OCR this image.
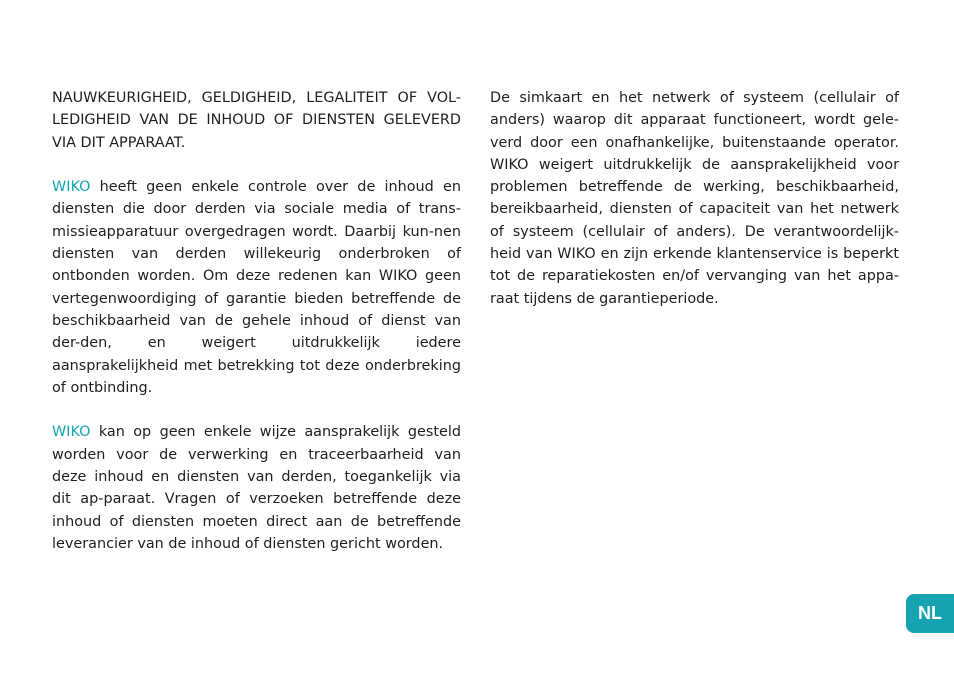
NAUWKEURIGHEID, GELDIGHEID, LEGALITEIT OF VOL-LEDIGHEID VAN DE INHOUD OF DIENSTEN GELEVERD VIA DIT APPARAAT.

WIKO heeft geen enkele controle over de inhoud en diensten die door derden via sociale media of trans-missieapparatuur overgedragen wordt. Daarbij kun-nen diensten van derden willekeurig onderbroken of ontbonden worden. Om deze redenen kan WIKO geen vertegenwoordiging of garantie bieden betreffende de beschikbaarheid van de gehele inhoud of dienst van der-den, en weigert uitdrukkelijk iedere aansprakelijkheid met betrekking tot deze onderbreking of ontbinding.

WIKO kan op geen enkele wijze aansprakelijk gesteld worden voor de verwerking en traceerbaarheid van deze inhoud en diensten van derden, toegankelijk via dit ap-paraat. Vragen of verzoeken betreffende deze inhoud of diensten moeten direct aan de betreffende leverancier van de inhoud of diensten gericht worden.

De simkaart en het netwerk of systeem (cellulair of anders) waarop dit apparaat functioneert, wordt gele-verd door een onafhankelijke, buitenstaande operator. WIKO weigert uitdrukkelijk de aansprakelijkheid voor problemen betreffende de werking, beschikbaarheid, bereikbaarheid, diensten of capaciteit van het netwerk of systeem (cellulair of anders). De verantwoordelijk-heid van WIKO en zijn erkende klantenservice is beperkt tot de reparatiekosten en/of vervanging van het appa-raat tijdens de garantieperiode.

NL
